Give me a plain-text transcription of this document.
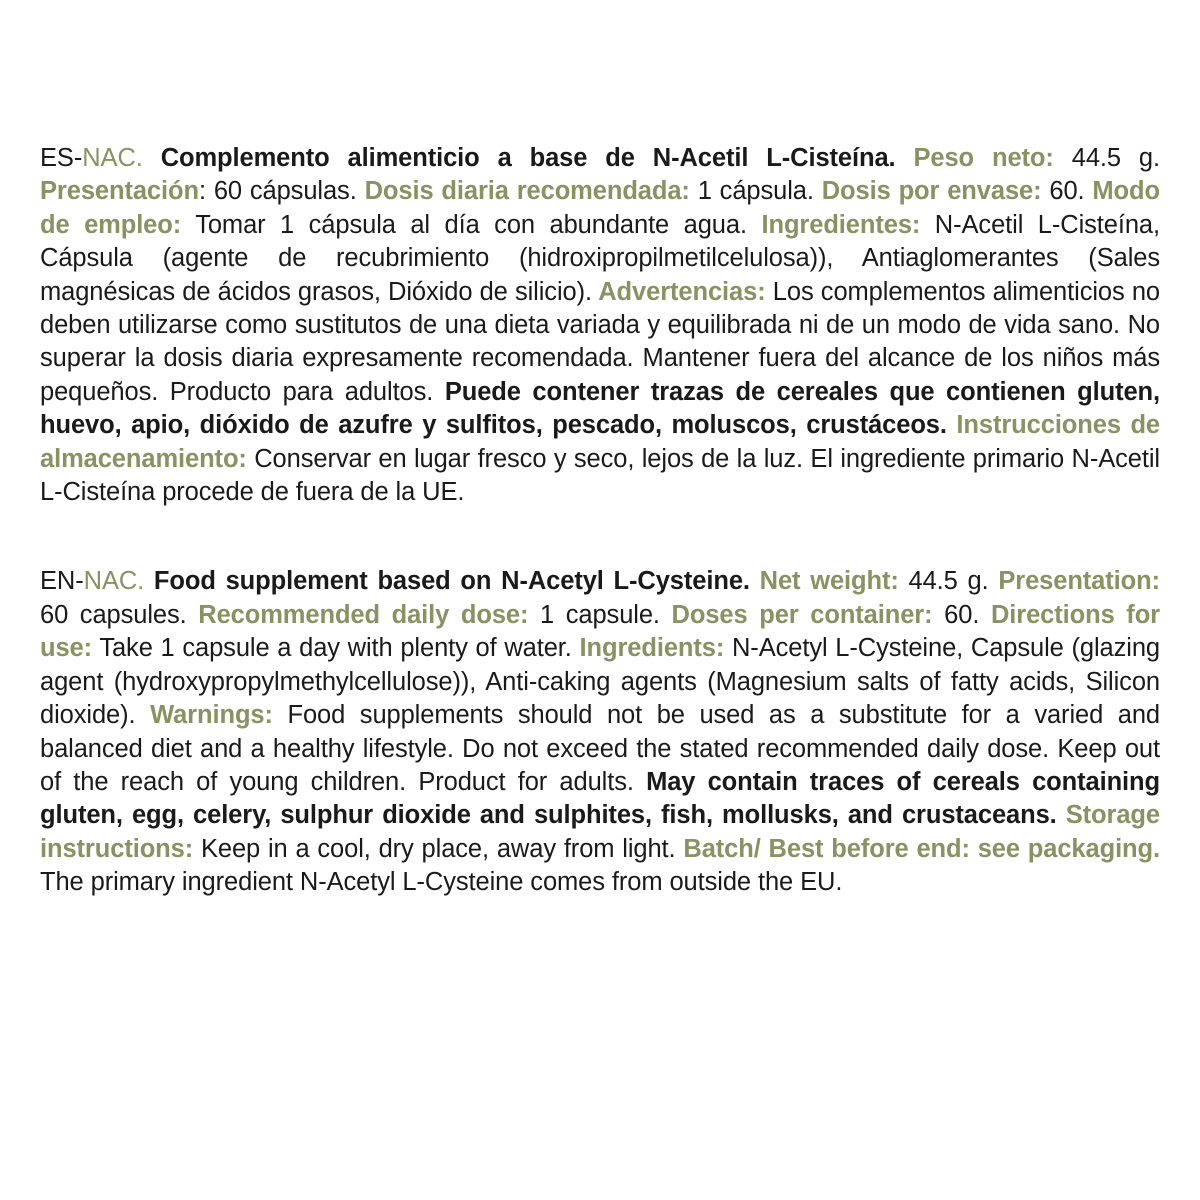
ES-NAC. Complemento alimenticio a base de N-Acetil L-Cisteína. Peso neto: 44.5 g. Presentación: 60 cápsulas. Dosis diaria recomendada: 1 cápsula. Dosis por envase: 60. Modo de empleo: Tomar 1 cápsula al día con abundante agua. Ingredientes: N-Acetil L-Cisteína, Cápsula (agente de recubrimiento (hidroxipropilmetilcelulosa)), Antiaglomerantes (Sales magnésicas de ácidos grasos, Dióxido de silicio). Advertencias: Los complementos alimenticios no deben utilizarse como sustitutos de una dieta variada y equilibrada ni de un modo de vida sano. No superar la dosis diaria expresamente recomendada. Mantener fuera del alcance de los niños más pequeños. Producto para adultos. Puede contener trazas de cereales que contienen gluten, huevo, apio, dióxido de azufre y sulfitos, pescado, moluscos, crustáceos. Instrucciones de almacenamiento: Conservar en lugar fresco y seco, lejos de la luz. El ingrediente primario N-Acetil L-Cisteína procede de fuera de la UE.

EN-NAC. Food supplement based on N-Acetyl L-Cysteine. Net weight: 44.5 g. Presentation: 60 capsules. Recommended daily dose: 1 capsule. Doses per container: 60. Directions for use: Take 1 capsule a day with plenty of water. Ingredients: N-Acetyl L-Cysteine, Capsule (glazing agent (hydroxypropylmethylcellulose)), Anti-caking agents (Magnesium salts of fatty acids, Silicon dioxide). Warnings: Food supplements should not be used as a substitute for a varied and balanced diet and a healthy lifestyle. Do not exceed the stated recommended daily dose. Keep out of the reach of young children. Product for adults. May contain traces of cereals containing gluten, egg, celery, sulphur dioxide and sulphites, fish, mollusks, and crustaceans. Storage instructions: Keep in a cool, dry place, away from light. Batch/ Best before end: see packaging. The primary ingredient N-Acetyl L-Cysteine comes from outside the EU.
